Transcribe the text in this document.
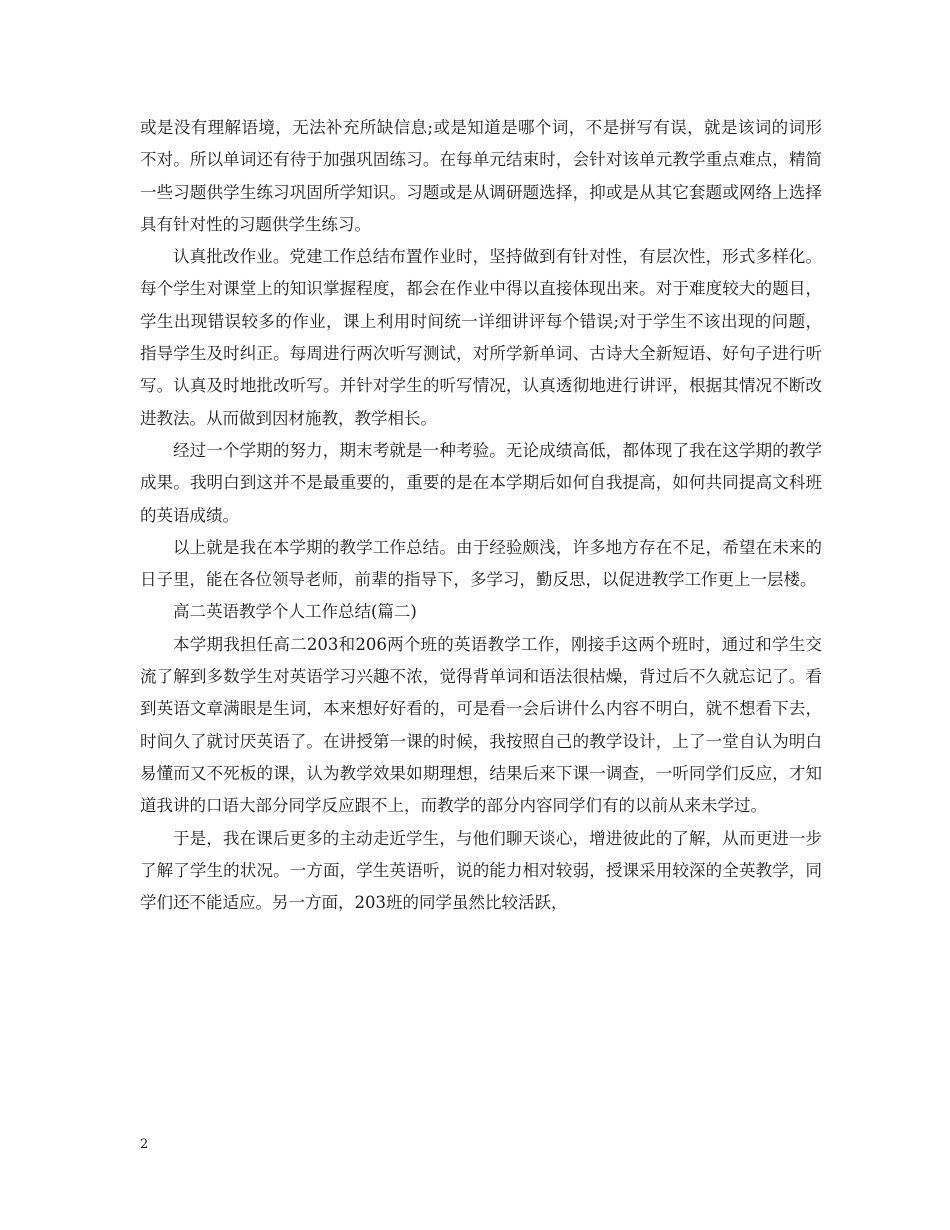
或是没有理解语境，无法补充所缺信息;或是知道是哪个词，不是拼写有误，就是该词的词形不对。所以单词还有待于加强巩固练习。在每单元结束时，会针对该单元教学重点难点，精简一些习题供学生练习巩固所学知识。习题或是从调研题选择，抑或是从其它套题或网络上选择具有针对性的习题供学生练习。

认真批改作业。党建工作总结布置作业时，坚持做到有针对性，有层次性，形式多样化。每个学生对课堂上的知识掌握程度，都会在作业中得以直接体现出来。对于难度较大的题目，学生出现错误较多的作业，课上利用时间统一详细讲评每个错误;对于学生不该出现的问题，指导学生及时纠正。每周进行两次听写测试，对所学新单词、古诗大全新短语、好句子进行听写。认真及时地批改听写。并针对学生的听写情况，认真透彻地进行讲评，根据其情况不断改进教法。从而做到因材施教，教学相长。

经过一个学期的努力，期末考就是一种考验。无论成绩高低，都体现了我在这学期的教学成果。我明白到这并不是最重要的，重要的是在本学期后如何自我提高，如何共同提高文科班的英语成绩。

以上就是我在本学期的教学工作总结。由于经验颇浅，许多地方存在不足，希望在未来的日子里，能在各位领导老师，前辈的指导下，多学习，勤反思，以促进教学工作更上一层楼。

高二英语教学个人工作总结(篇二)

本学期我担任高二203和206两个班的英语教学工作，刚接手这两个班时，通过和学生交流了解到多数学生对英语学习兴趣不浓，觉得背单词和语法很枯燥，背过后不久就忘记了。看到英语文章满眼是生词，本来想好好看的，可是看一会后讲什么内容不明白，就不想看下去，时间久了就讨厌英语了。在讲授第一课的时候，我按照自己的教学设计，上了一堂自认为明白易懂而又不死板的课，认为教学效果如期理想，结果后来下课一调查，一听同学们反应，才知道我讲的口语大部分同学反应跟不上，而教学的部分内容同学们有的以前从来未学过。

于是，我在课后更多的主动走近学生，与他们聊天谈心，增进彼此的了解，从而更进一步了解了学生的状况。一方面，学生英语听，说的能力相对较弱，授课采用较深的全英教学，同学们还不能适应。另一方面，203班的同学虽然比较活跃，

2
